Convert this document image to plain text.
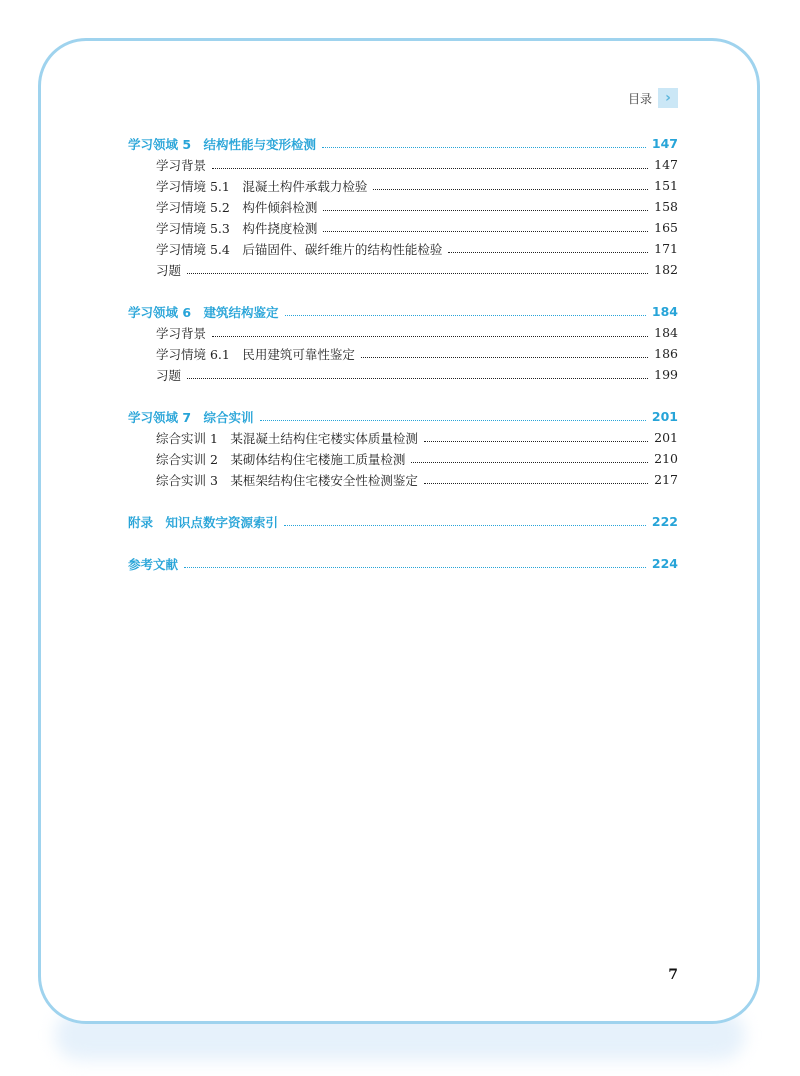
目录 ›
学习领域 5　结构性能与变形检测	147
学习背景	147
学习情境 5.1　混凝土构件承载力检验	151
学习情境 5.2　构件倾斜检测	158
学习情境 5.3　构件挠度检测	165
学习情境 5.4　后锚固件、碳纤维片的结构性能检验	171
习题	182
学习领域 6　建筑结构鉴定	184
学习背景	184
学习情境 6.1　民用建筑可靠性鉴定	186
习题	199
学习领域 7　综合实训	201
综合实训 1　某混凝土结构住宅楼实体质量检测	201
综合实训 2　某砌体结构住宅楼施工质量检测	210
综合实训 3　某框架结构住宅楼安全性检测鉴定	217
附录　知识点数字资源索引	222
参考文献	224
7
